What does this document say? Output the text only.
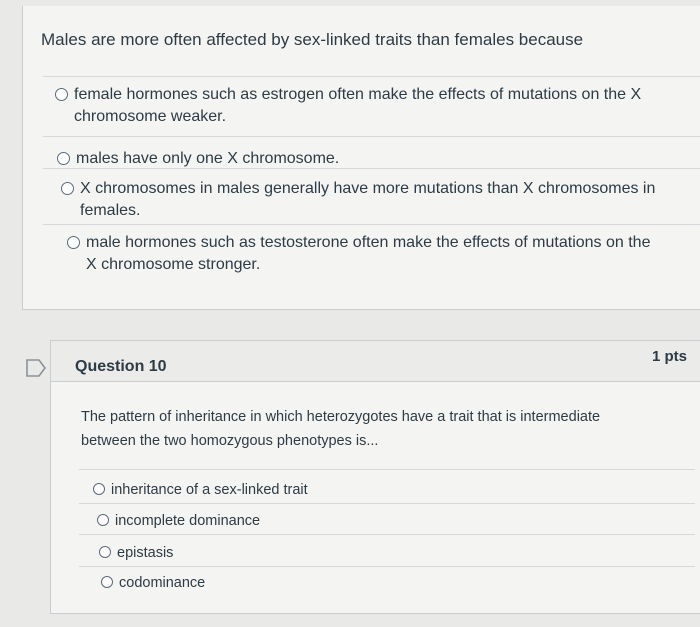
Males are more often affected by sex-linked traits than females because
female hormones such as estrogen often make the effects of mutations on the X
chromosome weaker.
males have only one X chromosome.
X chromosomes in males generally have more mutations than X chromosomes in
females.
male hormones such as testosterone often make the effects of mutations on the
X chromosome stronger.
Question 10
1 pts
The pattern of inheritance in which heterozygotes have a trait that is intermediate
between the two homozygous phenotypes is...
inheritance of a sex-linked trait
incomplete dominance
epistasis
codominance
